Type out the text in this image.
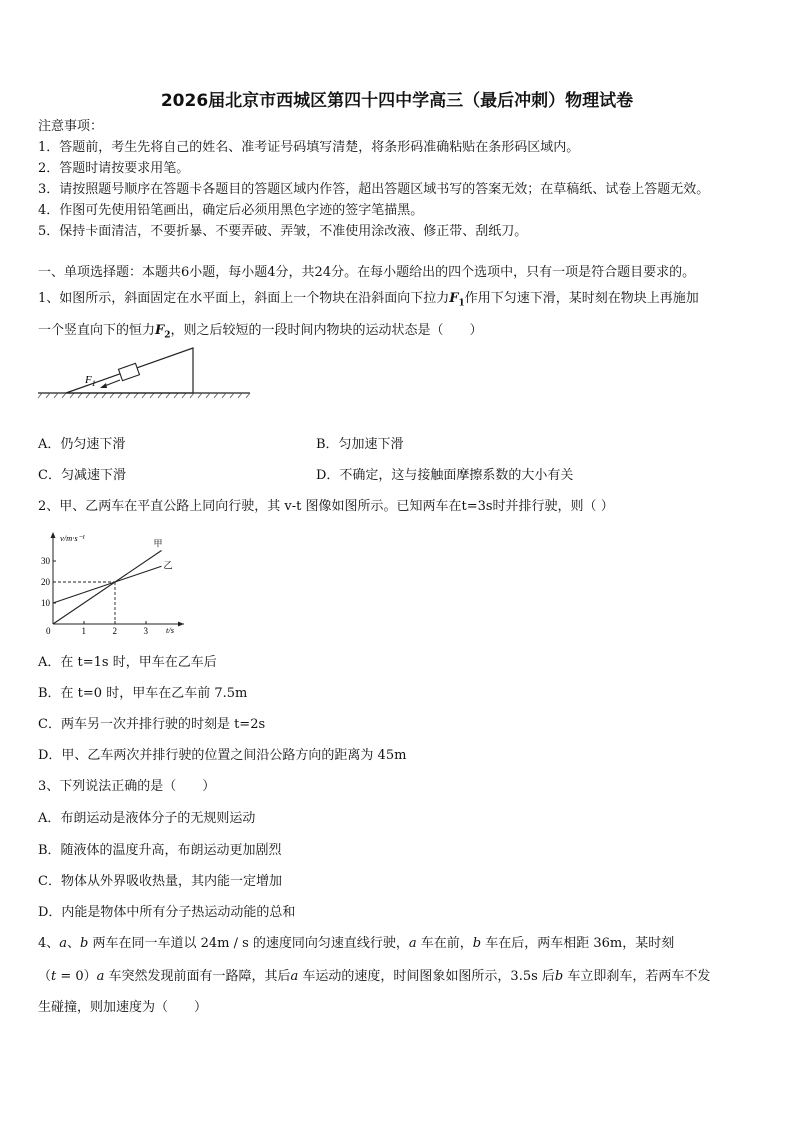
2026届北京市西城区第四十四中学高三（最后冲刺）物理试卷
注意事项：
1．答题前，考生先将自己的姓名、准考证号码填写清楚，将条形码准确粘贴在条形码区域内。
2．答题时请按要求用笔。
3．请按照题号顺序在答题卡各题目的答题区域内作答，超出答题区域书写的答案无效；在草稿纸、试卷上答题无效。
4．作图可先使用铅笔画出，确定后必须用黑色字迹的签字笔描黑。
5．保持卡面清洁，不要折暴、不要弄破、弄皱，不准使用涂改液、修正带、刮纸刀。
一、单项选择题：本题共6小题，每小题4分，共24分。在每小题给出的四个选项中，只有一项是符合题目要求的。
1、如图所示，斜面固定在水平面上，斜面上一个物块在沿斜面向下拉力$F_1$作用下匀速下滑，某时刻在物块上再施加
一个竖直向下的恒力$F_2$，则之后较短的一段时间内物块的运动状态是（　　）
$F_1$
A．仍匀速下滑	B．匀加速下滑
C．匀减速下滑	D．不确定，这与接触面摩擦系数的大小有关
2、甲、乙两车在平直公路上同向行驶，其 v-t 图像如图所示。已知两车在t=3s时并排行驶，则（ ）
v/m·s⁻¹
t/s
0	1	2	3
10
20
30
甲
乙
A．在 t=1s 时，甲车在乙车后
B．在 t=0 时，甲车在乙车前 7.5m
C．两车另一次并排行驶的时刻是 t=2s
D．甲、乙车两次并排行驶的位置之间沿公路方向的距离为 45m
3、下列说法正确的是（　　）
A．布朗运动是液体分子的无规则运动
B．随液体的温度升高，布朗运动更加剧烈
C．物体从外界吸收热量，其内能一定增加
D．内能是物体中所有分子热运动动能的总和
4、𝑎、𝑏 两车在同一车道以 24m / s 的速度同向匀速直线行驶，𝑎 车在前，𝑏 车在后，两车相距 36m，某时刻
（𝑡 = 0）𝑎 车突然发现前面有一路障，其后𝑎 车运动的速度，时间图象如图所示，3.5s 后𝑏 车立即刹车，若两车不发
生碰撞，则加速度为（　　）
